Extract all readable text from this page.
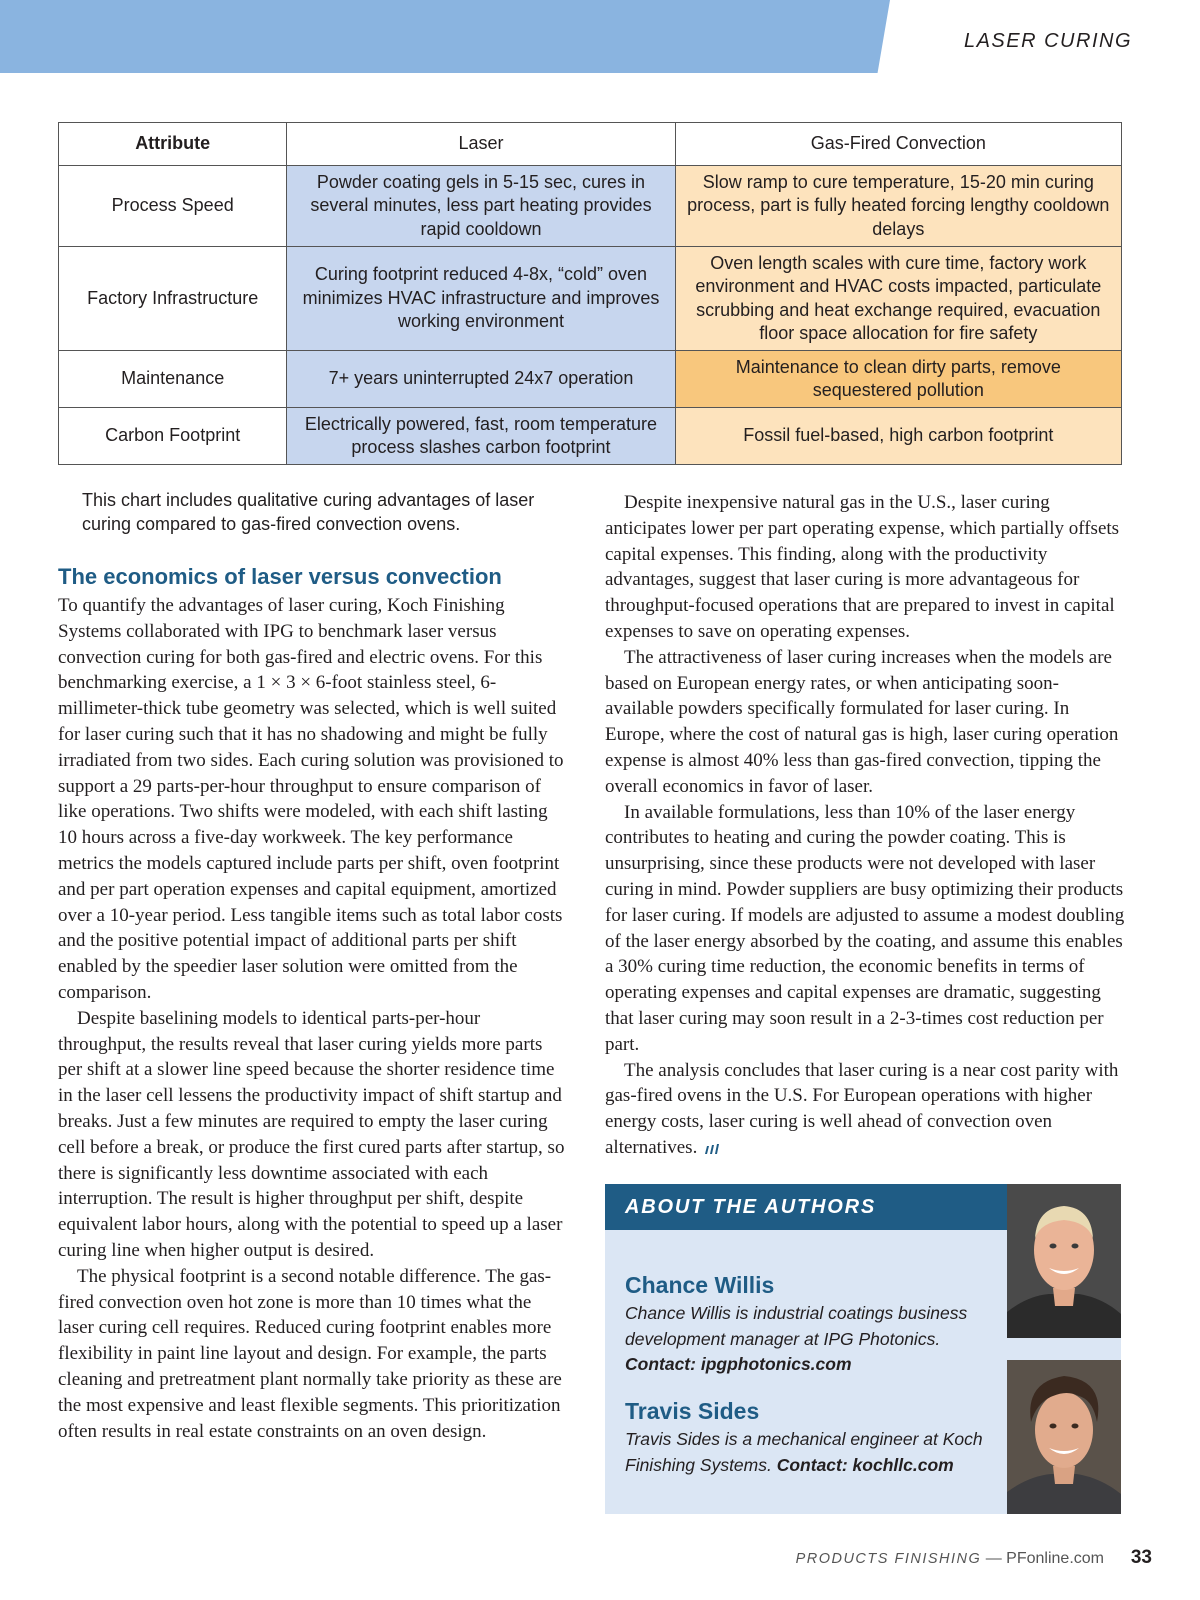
LASER CURING
Attribute	Laser	Gas-Fired Convection
Process Speed	Powder coating gels in 5-15 sec, cures in several minutes, less part heating provides rapid cooldown	Slow ramp to cure temperature, 15-20 min curing process, part is fully heated forcing lengthy cooldown delays
Factory Infrastructure	Curing footprint reduced 4-8x, “cold” oven minimizes HVAC infrastructure and improves working environment	Oven length scales with cure time, factory work environment and HVAC costs impacted, particulate scrubbing and heat exchange required, evacuation floor space allocation for fire safety
Maintenance	7+ years uninterrupted 24x7 operation	Maintenance to clean dirty parts, remove sequestered pollution
Carbon Footprint	Electrically powered, fast, room temperature process slashes carbon footprint	Fossil fuel-based, high carbon footprint
This chart includes qualitative curing advantages of laser curing compared to gas-fired convection ovens.
The economics of laser versus convection

To quantify the advantages of laser curing, Koch Finishing Systems collaborated with IPG to benchmark laser versus convection curing for both gas-fired and electric ovens. For this benchmarking exercise, a 1 × 3 × 6-foot stainless steel, 6-millimeter-thick tube geometry was selected, which is well suited for laser curing such that it has no shadowing and might be fully irradiated from two sides. Each curing solution was provisioned to support a 29 parts-per-hour throughput to ensure comparison of like operations. Two shifts were modeled, with each shift lasting 10 hours across a five-day workweek. The key performance metrics the models captured include parts per shift, oven footprint and per part operation expenses and capital equipment, amortized over a 10-year period. Less tangible items such as total labor costs and the positive potential impact of additional parts per shift enabled by the speedier laser solution were omitted from the comparison.

Despite baselining models to identical parts-per-hour throughput, the results reveal that laser curing yields more parts per shift at a slower line speed because the shorter residence time in the laser cell lessens the productivity impact of shift startup and breaks. Just a few minutes are required to empty the laser curing cell before a break, or produce the first cured parts after startup, so there is significantly less downtime associated with each interruption. The result is higher throughput per shift, despite equivalent labor hours, along with the potential to speed up a laser curing line when higher output is desired.

The physical footprint is a second notable difference. The gas-fired convection oven hot zone is more than 10 times what the laser curing cell requires. Reduced curing footprint enables more flexibility in paint line layout and design. For example, the parts cleaning and pretreatment plant normally take priority as these are the most expensive and least flexible segments. This prioritization often results in real estate constraints on an oven design.

Despite inexpensive natural gas in the U.S., laser curing anticipates lower per part operating expense, which partially offsets capital expenses. This finding, along with the productivity advantages, suggest that laser curing is more advantageous for throughput-focused operations that are prepared to invest in capital expenses to save on operating expenses.

The attractiveness of laser curing increases when the models are based on European energy rates, or when anticipating soon-available powders specifically formulated for laser curing. In Europe, where the cost of natural gas is high, laser curing operation expense is almost 40% less than gas-fired convection, tipping the overall economics in favor of laser.

In available formulations, less than 10% of the laser energy contributes to heating and curing the powder coating. This is unsurprising, since these products were not developed with laser curing in mind. Powder suppliers are busy optimizing their products for laser curing. If models are adjusted to assume a modest doubling of the laser energy absorbed by the coating, and assume this enables a 30% curing time reduction, the economic benefits in terms of operating expenses and capital expenses are dramatic, suggesting that laser curing may soon result in a 2-3-times cost reduction per part.

The analysis concludes that laser curing is a near cost parity with gas-fired ovens in the U.S. For European operations with higher energy costs, laser curing is well ahead of convection oven alternatives.

ABOUT THE AUTHORS
Chance Willis
Chance Willis is industrial coatings business development manager at IPG Photonics.
Contact: ipgphotonics.com
Travis Sides
Travis Sides is a mechanical engineer at Koch Finishing Systems. Contact: kochllc.com
PRODUCTS FINISHING — PFonline.com 33
